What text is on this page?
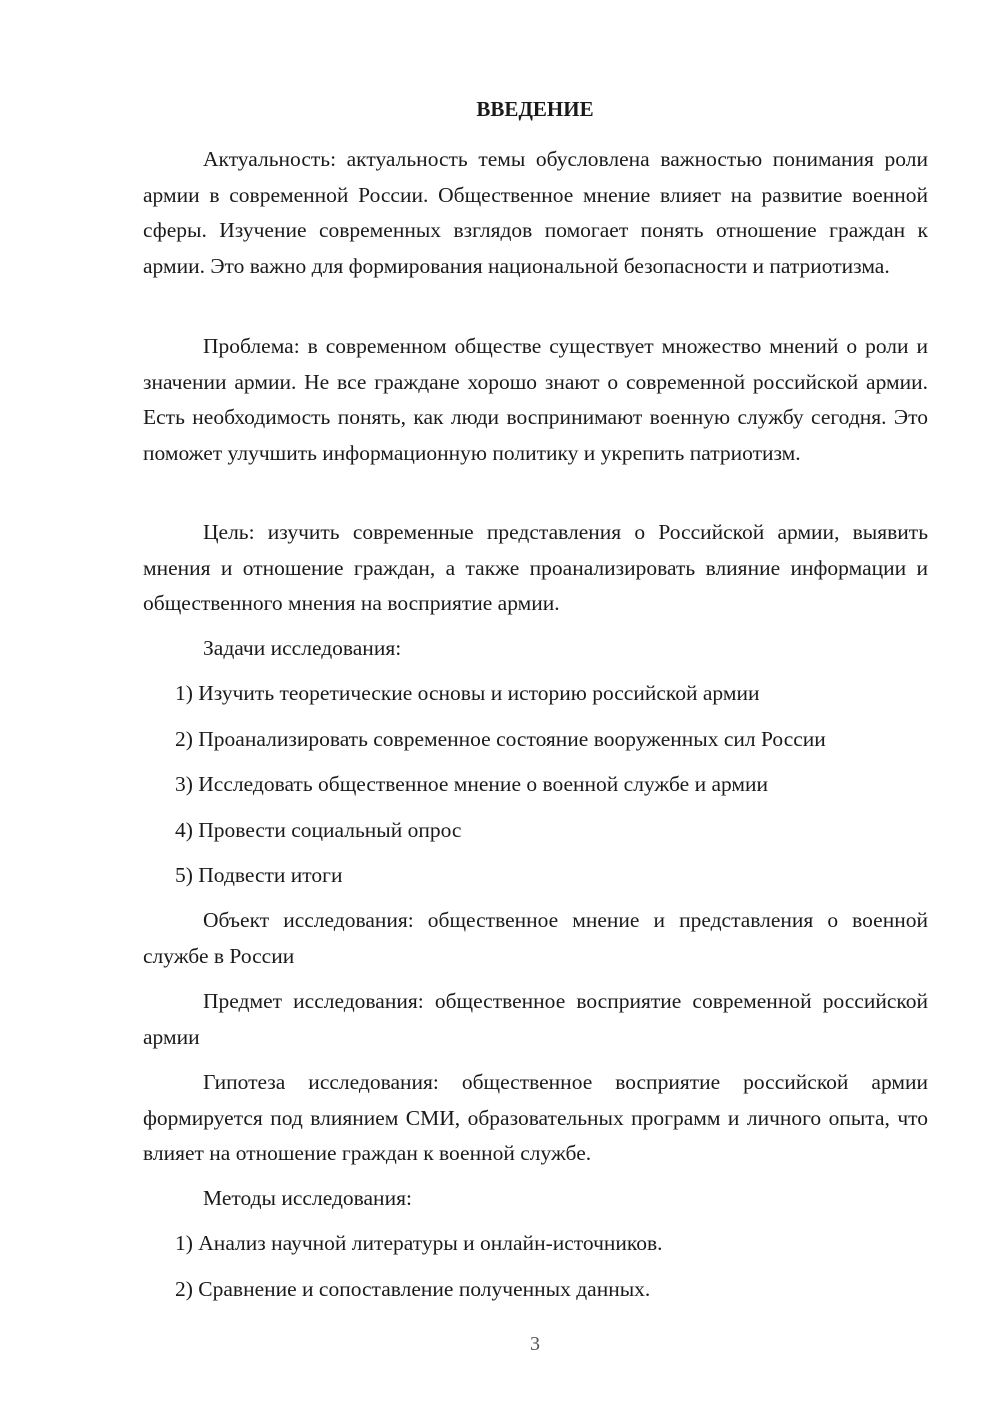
ВВЕДЕНИЕ

Актуальность: актуальность темы обусловлена важностью понимания роли армии в современной России. Общественное мнение влияет на развитие военной сферы. Изучение современных взглядов помогает понять отношение граждан к армии. Это важно для формирования национальной безопасности и патриотизма.

Проблема: в современном обществе существует множество мнений о роли и значении армии. Не все граждане хорошо знают о современной российской армии. Есть необходимость понять, как люди воспринимают военную службу сегодня. Это поможет улучшить информационную политику и укрепить патриотизм.

Цель: изучить современные представления о Российской армии, выявить мнения и отношение граждан, а также проанализировать влияние информации и общественного мнения на восприятие армии.

Задачи исследования:

1) Изучить теоретические основы и историю российской армии

2) Проанализировать современное состояние вооруженных сил России

3) Исследовать общественное мнение о военной службе и армии

4) Провести социальный опрос

5) Подвести итоги

Объект исследования: общественное мнение и представления о военной службе в России

Предмет исследования: общественное восприятие современной российской армии

Гипотеза исследования: общественное восприятие российской армии формируется под влиянием СМИ, образовательных программ и личного опыта, что влияет на отношение граждан к военной службе.

Методы исследования:

1) Анализ научной литературы и онлайн-источников.

2) Сравнение и сопоставление полученных данных.

3
